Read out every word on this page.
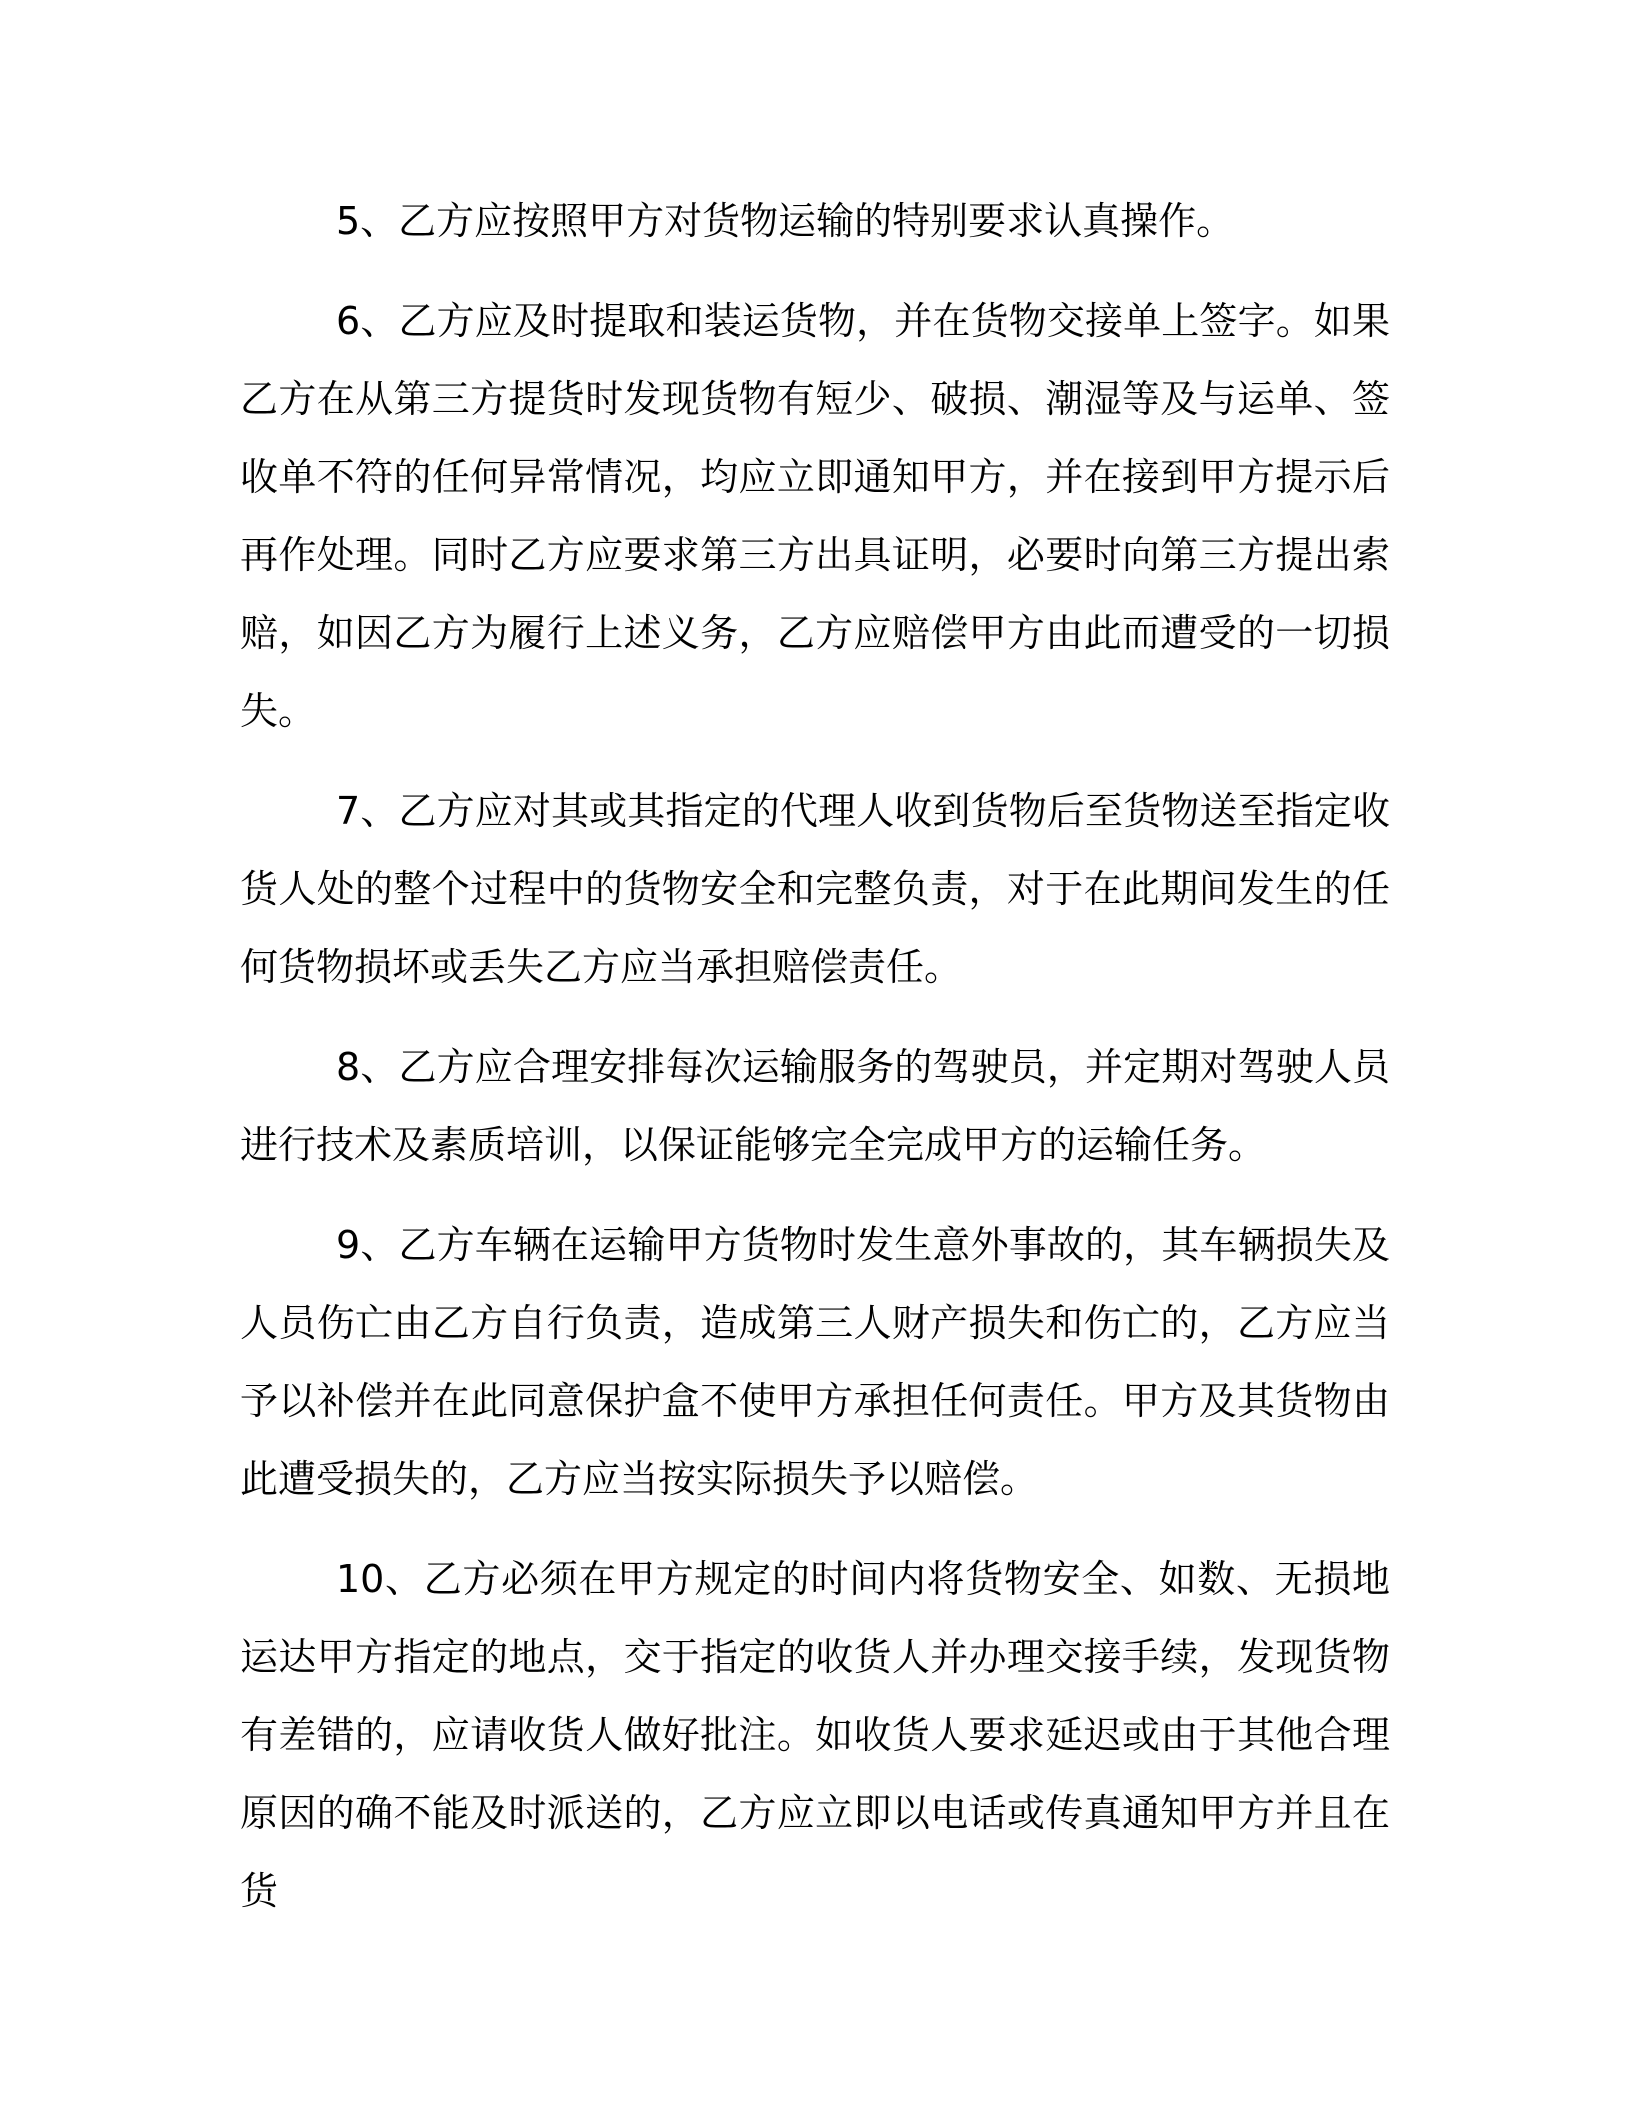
5、乙方应按照甲方对货物运输的特别要求认真操作。

6、乙方应及时提取和装运货物，并在货物交接单上签字。如果乙方在从第三方提货时发现货物有短少、破损、潮湿等及与运单、签收单不符的任何异常情况，均应立即通知甲方，并在接到甲方提示后再作处理。同时乙方应要求第三方出具证明，必要时向第三方提出索赔，如因乙方为履行上述义务，乙方应赔偿甲方由此而遭受的一切损失。

7、乙方应对其或其指定的代理人收到货物后至货物送至指定收货人处的整个过程中的货物安全和完整负责，对于在此期间发生的任何货物损坏或丢失乙方应当承担赔偿责任。

8、乙方应合理安排每次运输服务的驾驶员，并定期对驾驶人员进行技术及素质培训，以保证能够完全完成甲方的运输任务。

9、乙方车辆在运输甲方货物时发生意外事故的，其车辆损失及人员伤亡由乙方自行负责，造成第三人财产损失和伤亡的，乙方应当予以补偿并在此同意保护盒不使甲方承担任何责任。甲方及其货物由此遭受损失的，乙方应当按实际损失予以赔偿。

10、乙方必须在甲方规定的时间内将货物安全、如数、无损地运达甲方指定的地点，交于指定的收货人并办理交接手续，发现货物有差错的，应请收货人做好批注。如收货人要求延迟或由于其他合理原因的确不能及时派送的，乙方应立即以电话或传真通知甲方并且在货
